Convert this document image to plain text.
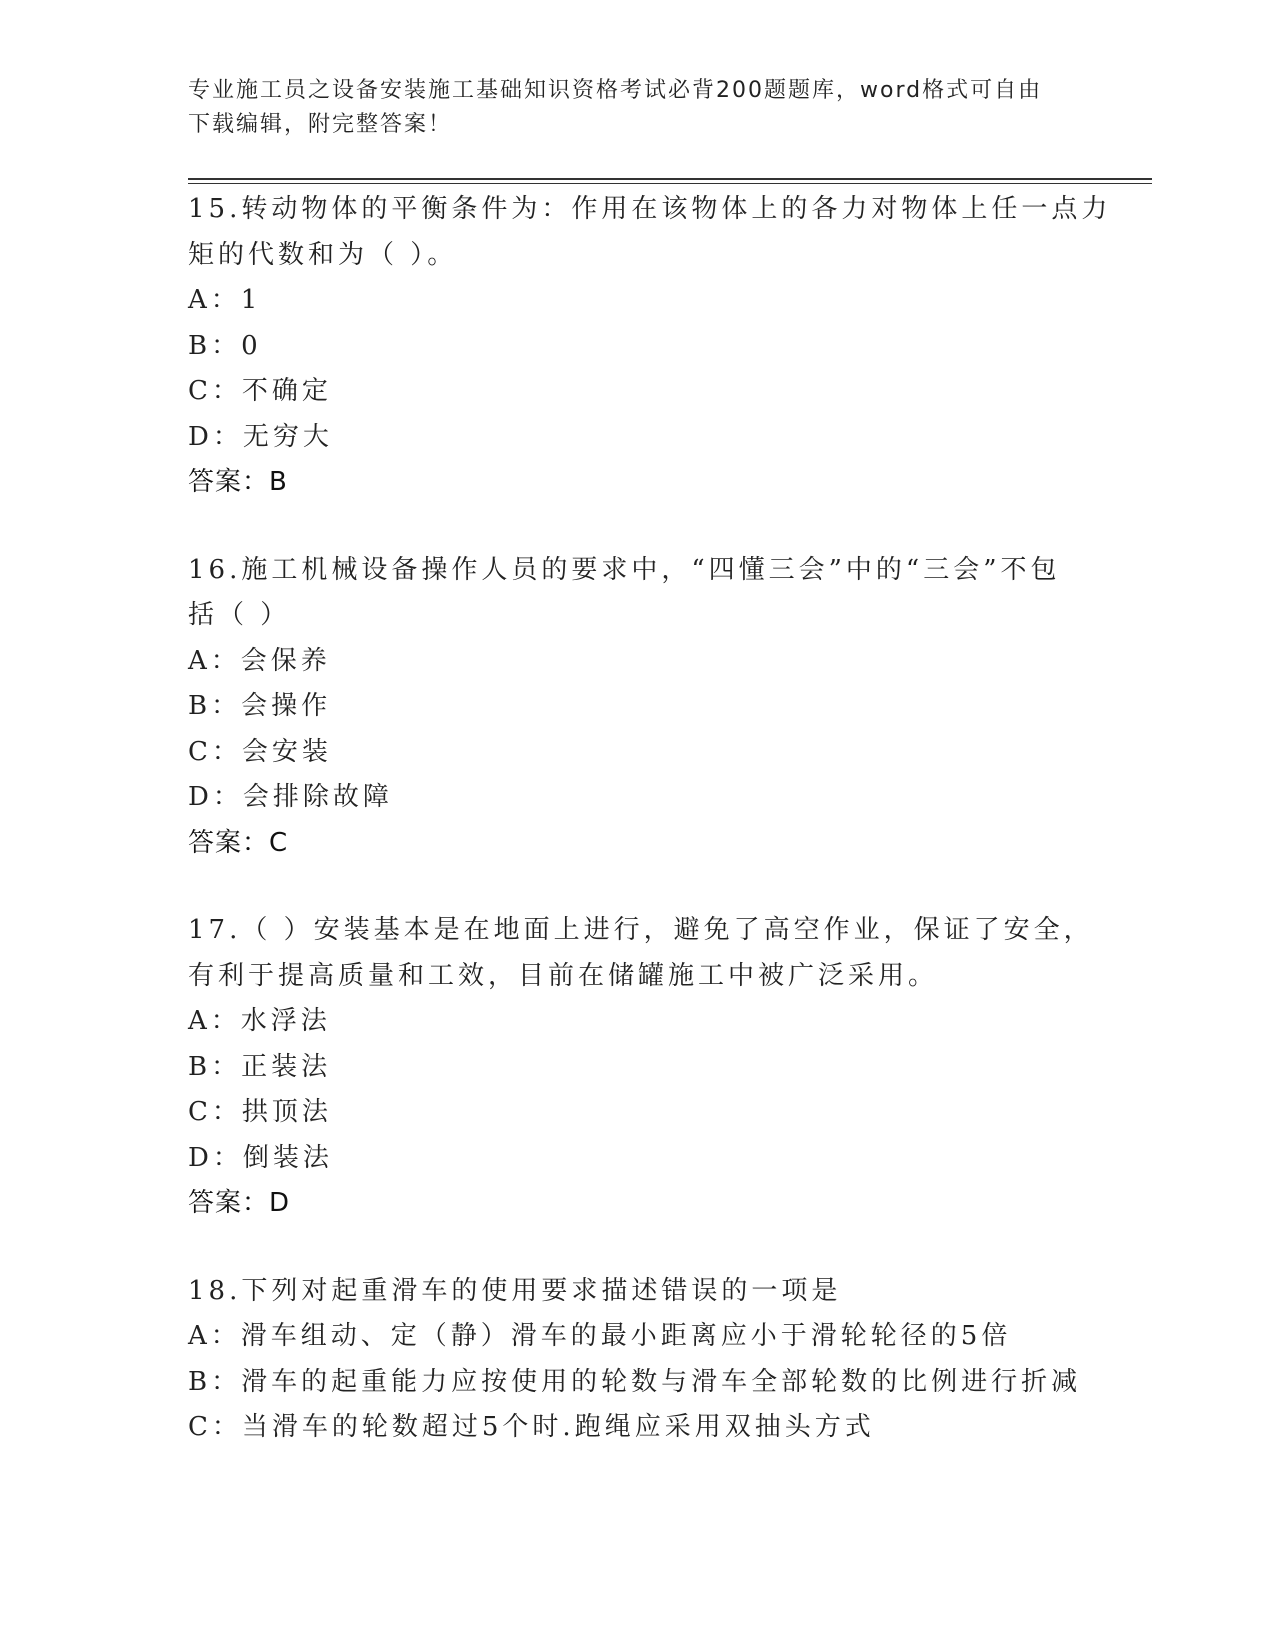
专业施工员之设备安装施工基础知识资格考试必背200题题库，word格式可自由
下载编辑，附完整答案！
15.转动物体的平衡条件为：作用在该物体上的各力对物体上任一点力
矩的代数和为（ ）。
A：1
B：0
C：不确定
D：无穷大
答案：B
16.施工机械设备操作人员的要求中，“四懂三会”中的“三会”不包
括（ ）
A：会保养
B：会操作
C：会安装
D：会排除故障
答案：C
17.（ ）安装基本是在地面上进行，避免了高空作业，保证了安全，
有利于提高质量和工效，目前在储罐施工中被广泛采用。
A：水浮法
B：正装法
C：拱顶法
D：倒装法
答案：D
18.下列对起重滑车的使用要求描述错误的一项是
A：滑车组动、定（静）滑车的最小距离应小于滑轮轮径的5倍
B：滑车的起重能力应按使用的轮数与滑车全部轮数的比例进行折减
C：当滑车的轮数超过5个时.跑绳应采用双抽头方式
